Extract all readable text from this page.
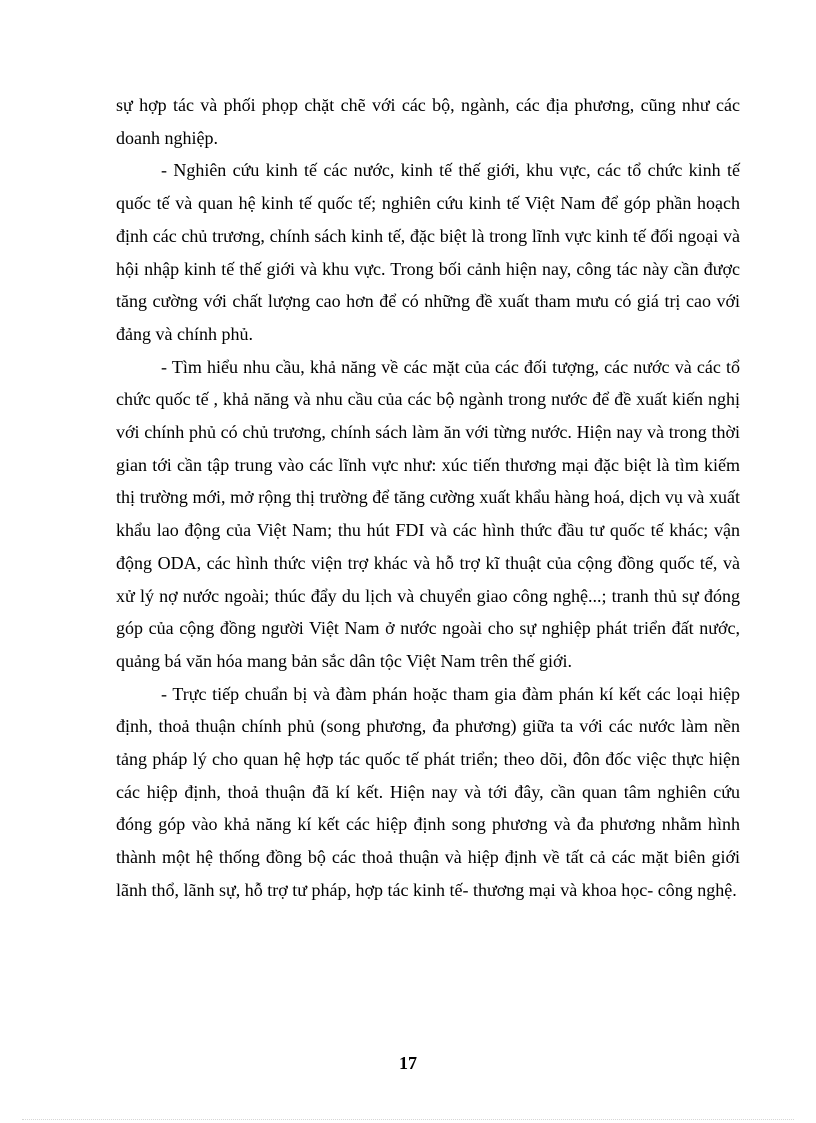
sự hợp tác và phối phọp chặt chẽ với các bộ, ngành, các địa phương, cũng như các doanh nghiệp.

- Nghiên cứu kinh tế các nước, kinh tế thế giới, khu vực, các tổ chức kinh tế quốc tế và quan hệ kinh tế quốc tế; nghiên cứu kinh tế Việt Nam để góp phần hoạch định các chủ trương, chính sách kinh tế, đặc biệt là trong lĩnh vực kinh tế đối ngoại và hội nhập kinh tế thế giới và khu vực. Trong bối cảnh hiện nay, công tác này cần được tăng cường với chất lượng cao hơn để có những đề xuất tham mưu có giá trị cao với đảng và chính phủ.

- Tìm hiểu nhu cầu, khả năng về các mặt của các đối tượng, các nước và các tổ chức quốc tế , khả năng và nhu cầu của các bộ ngành trong nước để đề xuất kiến nghị với chính phủ có chủ trương, chính sách làm ăn với từng nước. Hiện nay và trong thời gian tới cần tập trung vào các lĩnh vực như: xúc tiến thương mại đặc biệt là tìm kiếm thị trường mới, mở rộng thị trường để tăng cường xuất khẩu hàng hoá, dịch vụ và xuất khẩu lao động của Việt Nam; thu hút FDI và các hình thức đầu tư quốc tế khác; vận động ODA, các hình thức viện trợ khác và hỗ trợ kĩ thuật của cộng đồng quốc tế, và xử lý nợ nước ngoài; thúc đẩy du lịch và chuyển giao công nghệ...; tranh thủ sự đóng góp của cộng đồng người Việt Nam ở nước ngoài cho sự nghiệp phát triển đất nước, quảng bá văn hóa mang bản sắc dân tộc Việt Nam trên thế giới.

- Trực tiếp chuẩn bị và đàm phán hoặc tham gia đàm phán kí kết các loại hiệp định, thoả thuận chính phủ (song phương, đa phương) giữa ta với các nước làm nền tảng pháp lý cho quan hệ hợp tác quốc tế phát triển; theo dõi, đôn đốc việc thực hiện các hiệp định, thoả thuận đã kí kết. Hiện nay và tới đây, cần quan tâm nghiên cứu đóng góp vào khả năng kí kết các hiệp định song phương và đa phương nhằm hình thành một hệ thống đồng bộ các thoả thuận và hiệp định về tất cả các mặt biên giới lãnh thổ, lãnh sự, hỗ trợ tư pháp, hợp tác kinh tế- thương mại và khoa học- công nghệ.

17
